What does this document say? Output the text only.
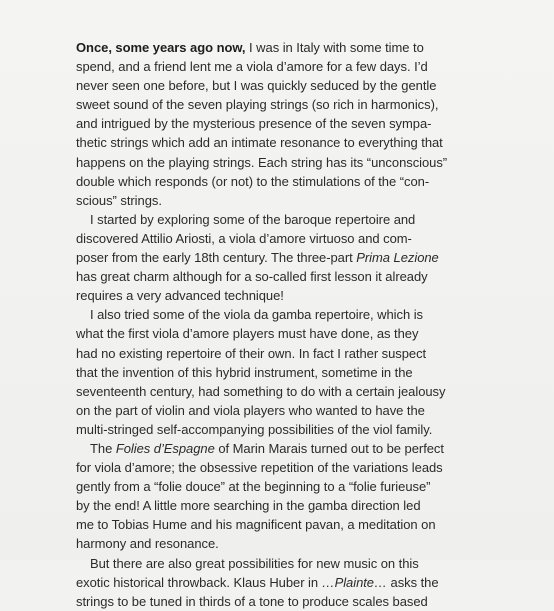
Once, some years ago now, I was in Italy with some time to
spend, and a friend lent me a viola d’amore for a few days. I’d
never seen one before, but I was quickly seduced by the gentle
sweet sound of the seven playing strings (so rich in harmonics),
and intrigued by the mysterious presence of the seven sympa-
thetic strings which add an intimate resonance to everything that
happens on the playing strings. Each string has its “unconscious”
double which responds (or not) to the stimulations of the “con-
scious” strings.
I started by exploring some of the baroque repertoire and
discovered Attilio Ariosti, a viola d’amore virtuoso and com-
poser from the early 18th century. The three-part Prima Lezione
has great charm although for a so-called first lesson it already
requires a very advanced technique!
I also tried some of the viola da gamba repertoire, which is
what the first viola d’amore players must have done, as they
had no existing repertoire of their own. In fact I rather suspect
that the invention of this hybrid instrument, sometime in the
seventeenth century, had something to do with a certain jealousy
on the part of violin and viola players who wanted to have the
multi-stringed self-accompanying possibilities of the viol family.
The Folies d’Espagne of Marin Marais turned out to be perfect
for viola d’amore; the obsessive repetition of the variations leads
gently from a “folie douce” at the beginning to a “folie furieuse”
by the end! A little more searching in the gamba direction led
me to Tobias Hume and his magnificent pavan, a meditation on
harmony and resonance.
But there are also great possibilities for new music on this
exotic historical throwback. Klaus Huber in …Plainte… asks the
strings to be tuned in thirds of a tone to produce scales based
